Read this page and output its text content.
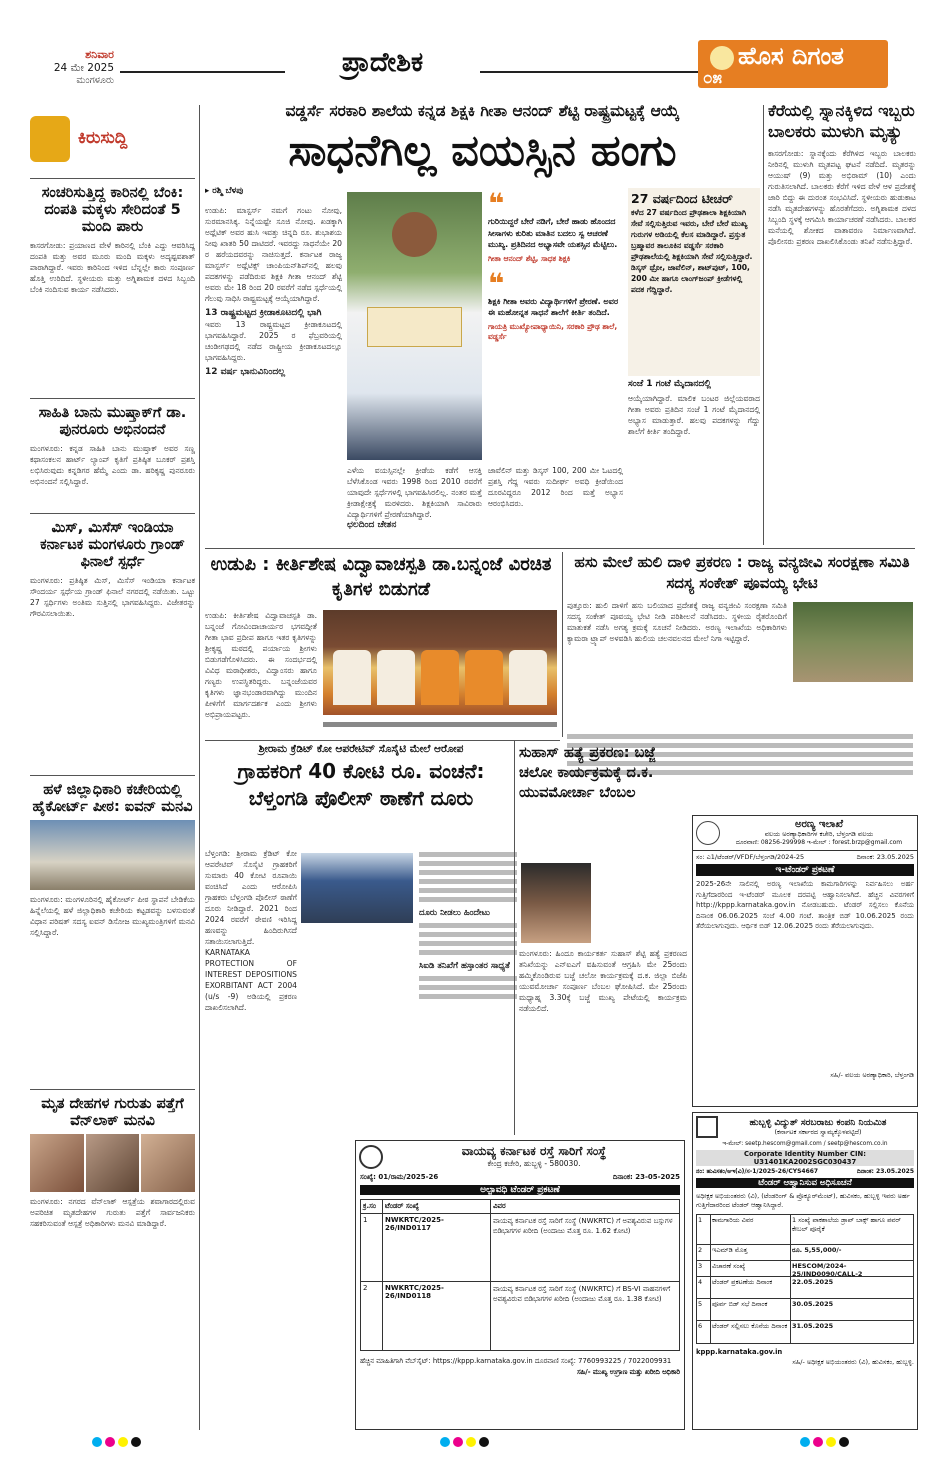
ಶನಿವಾರ
24 ಮೇ 2025
ಮಂಗಳೂರು
ಪ್ರಾದೇಶಿಕ	ಹೊಸ ದಿಗಂತ
೦೫
ಕಿರುಸುದ್ದಿ
ಸಂಚರಿಸುತ್ತಿದ್ದ ಕಾರಿನಲ್ಲಿ ಬೆಂಕಿ: ದಂಪತಿ ಮಕ್ಕಳು ಸೇರಿದಂತೆ 5 ಮಂದಿ ಪಾರು
ಕಾಸರಗೋಡು: ಪ್ರಯಾಣದ ವೇಳೆ ಕಾರಿನಲ್ಲಿ ಬೆಂಕಿ ಎದ್ದು ಆವರಿಸಿದ್ದ ದಂಪತಿ ಮತ್ತು ಅವರ ಮೂರು ಮಂದಿ ಮಕ್ಕಳು ಅದೃಷ್ಟವಶಾತ್ ಪಾರಾಗಿದ್ದಾರೆ. ಇವರು ಕಾರಿನಿಂದ ಇಳಿದ ಬೆನ್ನಲ್ಲೇ ಕಾರು ಸಂಪೂರ್ಣ ಹೊತ್ತಿ ಉರಿದಿದೆ. ಸ್ಥಳೀಯರು ಮತ್ತು ಅಗ್ನಿಶಾಮಕ ದಳದ ಸಿಬ್ಬಂದಿ ಬೆಂಕಿ ನಂದಿಸುವ ಕಾರ್ಯ ನಡೆಸಿದರು.
ಸಾಹಿತಿ ಬಾನು ಮುಷ್ತಾಕ್‌ಗೆ ಡಾ. ಪುನರೂರು ಅಭಿನಂದನೆ
ಮಂಗಳೂರು: ಕನ್ನಡ ಸಾಹಿತಿ ಬಾನು ಮುಷ್ತಾಕ್ ಅವರ ಸಣ್ಣ ಕಥಾಸಂಕಲನ ಹಾರ್ಟ್ ಲ್ಯಾಂಪ್ ಕೃತಿಗೆ ಪ್ರತಿಷ್ಠಿತ ಬೂಕರ್ ಪ್ರಶಸ್ತಿ ಲಭಿಸಿರುವುದು ಕನ್ನಡಿಗರ ಹೆಮ್ಮೆ ಎಂದು ಡಾ. ಹರಿಕೃಷ್ಣ ಪುನರೂರು ಅಭಿನಂದನೆ ಸಲ್ಲಿಸಿದ್ದಾರೆ.
ಮಿಸ್, ಮಿಸೆಸ್ ಇಂಡಿಯಾ ಕರ್ನಾಟಕ ಮಂಗಳೂರು ಗ್ರಾಂಡ್ ಫಿನಾಲೆ ಸ್ಪರ್ಧೆ
ಮಂಗಳೂರು: ಪ್ರತಿಷ್ಠಿತ ಮಿಸ್, ಮಿಸೆಸ್ ಇಂಡಿಯಾ ಕರ್ನಾಟಕ ಸೌಂದರ್ಯ ಸ್ಪರ್ಧೆಯ ಗ್ರಾಂಡ್ ಫಿನಾಲೆ ನಗರದಲ್ಲಿ ನಡೆಯಿತು. ಒಟ್ಟು 27 ಸ್ಪರ್ಧಿಗಳು ಅಂತಿಮ ಸುತ್ತಿನಲ್ಲಿ ಭಾಗವಹಿಸಿದ್ದರು. ವಿಜೇತರನ್ನು ಗೌರವಿಸಲಾಯಿತು.
ಹಳೆ ಜಿಲ್ಲಾಧಿಕಾರಿ ಕಚೇರಿಯಲ್ಲಿ ಹೈಕೋರ್ಟ್ ಪೀಠ: ಐವನ್ ಮನವಿ
ಮಂಗಳೂರು: ಮಂಗಳೂರಿನಲ್ಲಿ ಹೈಕೋರ್ಟ್ ಪೀಠ ಸ್ಥಾಪನೆ ಬೇಡಿಕೆಯ ಹಿನ್ನೆಲೆಯಲ್ಲಿ ಹಳೆ ಜಿಲ್ಲಾಧಿಕಾರಿ ಕಚೇರಿಯ ಕಟ್ಟಡವನ್ನು ಬಳಸುವಂತೆ ವಿಧಾನ ಪರಿಷತ್ ಸದಸ್ಯ ಐವನ್ ಡಿಸೋಜ ಮುಖ್ಯಮಂತ್ರಿಗಳಿಗೆ ಮನವಿ ಸಲ್ಲಿಸಿದ್ದಾರೆ.
ಮೃತ ದೇಹಗಳ ಗುರುತು ಪತ್ತೆಗೆ ವೆನ್‌ಲಾಕ್ ಮನವಿ
ಮಂಗಳೂರು: ನಗರದ ವೆನ್‌ಲಾಕ್ ಆಸ್ಪತ್ರೆಯ ಶವಾಗಾರದಲ್ಲಿರುವ ಅಪರಿಚಿತ ಮೃತದೇಹಗಳ ಗುರುತು ಪತ್ತೆಗೆ ಸಾರ್ವಜನಿಕರು ಸಹಕರಿಸುವಂತೆ ಆಸ್ಪತ್ರೆ ಅಧಿಕಾರಿಗಳು ಮನವಿ ಮಾಡಿದ್ದಾರೆ.
ವಡ್ಡರ್ಸೆ ಸರಕಾರಿ ಶಾಲೆಯ ಕನ್ನಡ ಶಿಕ್ಷಕಿ ಗೀತಾ ಆನಂದ್ ಶೆಟ್ಟಿ ರಾಷ್ಟ್ರಮಟ್ಟಕ್ಕೆ ಆಯ್ಕೆ
ಸಾಧನೆಗಿಲ್ಲ ವಯಸ್ಸಿನ ಹಂಗು
▸ ರಶ್ಮಿ ಬೆಳಪು
ಉಡುಪಿ: ಮಾಸ್ಟರ್ಸ್ ನಮಗೆ ಗಂಟು ನೋವು, ಸುರಮಾನಸಿಕ್ಕ. ನಿನ್ನೆಯಷ್ಟೇ ಸೂಜಿ ನೋವು. ಖಡಕ್ಕಾಗಿ ಅಥ್ಲೆಟಿಕ್ ಅವರ ಹುಸಿ ಇವತ್ತು ಚಿನ್ನದಿ ರೂ. ಶುಭಾಶಯ ನೀವು ಖಾತರಿ 50 ದಾಟಿದರೆ. ಇವರದ್ದು ಸಾಧನೆಯೇ 20 ರ ಹರೆಯದವರನ್ನು ನಾಚಿಸುತ್ತದೆ. ಕರ್ನಾಟಕ ರಾಜ್ಯ ಮಾಸ್ಟರ್ಸ್ ಅಥ್ಲೆಟಿಕ್ಸ್ ಚಾಂಪಿಯನ್‌ಶಿಪ್‌ನಲ್ಲಿ ಹಲವು ಪದಕಗಳನ್ನು ಪಡೆದಿರುವ ಶಿಕ್ಷಕಿ ಗೀತಾ ಆನಂದ್ ಶೆಟ್ಟಿ ಅವರು ಮೇ 18 ರಿಂದ 20 ರವರೆಗೆ ನಡೆದ ಸ್ಪರ್ಧೆಯಲ್ಲಿ ಗೆಲುವು ಸಾಧಿಸಿ ರಾಷ್ಟ್ರಮಟ್ಟಕ್ಕೆ ಆಯ್ಕೆಯಾಗಿದ್ದಾರೆ.
13 ರಾಷ್ಟ್ರಮಟ್ಟದ ಕ್ರೀಡಾಕೂಟದಲ್ಲಿ ಭಾಗಿ
ಇವರು 13 ರಾಷ್ಟ್ರಮಟ್ಟದ ಕ್ರೀಡಾಕೂಟದಲ್ಲಿ ಭಾಗವಹಿಸಿದ್ದಾರೆ. 2025 ರ ಫೆಬ್ರವರಿಯಲ್ಲಿ ಚಂಡೀಗಢದಲ್ಲಿ ನಡೆದ ರಾಷ್ಟ್ರೀಯ ಕ್ರೀಡಾಕೂಟದಲ್ಲೂ ಭಾಗವಹಿಸಿದ್ದರು.
12 ವರ್ಷ ಭಾನುವಿನಿಂದಲ್ಲ
ಎಳೆಯ ವಯಸ್ಸಿನಲ್ಲೇ ಕ್ರೀಡೆಯ ಕಡೆಗೆ ಆಸಕ್ತಿ ಬೆಳೆಸಿಕೊಂಡ ಇವರು 1998 ರಿಂದ 2010 ರವರೆಗೆ ಯಾವುದೇ ಸ್ಪರ್ಧೆಗಳಲ್ಲಿ ಭಾಗವಹಿಸಿರಲಿಲ್ಲ. ನಂತರ ಮತ್ತೆ ಕ್ರೀಡಾಕ್ಷೇತ್ರಕ್ಕೆ ಮರಳಿದರು. ಶಿಕ್ಷಕಿಯಾಗಿ ಸಾವಿರಾರು ವಿದ್ಯಾರ್ಥಿಗಳಿಗೆ ಪ್ರೇರಣೆಯಾಗಿದ್ದಾರೆ.
ಛಲದಿಂದ ಚೇತನ
❝
ಗುರಿಯಿದ್ದರೆ ಬೇರೆ ನಡಿಗೆ, ಬೇರೆ ಹಾಡು ಹೊಂದದ ಸೀಸಾಗಳು ಕುರಿತು ಮಾತಿನ ಬದಲು ಸ್ವ ಆಚರಣೆ ಮುಖ್ಯ. ಪ್ರತಿದಿನದ ಅಭ್ಯಾಸವೇ ಯಶಸ್ಸಿನ ಮೆಟ್ಟಿಲು.
ಗೀತಾ ಆನಂದ್ ಶೆಟ್ಟಿ, ಸಾಧಕ ಶಿಕ್ಷಕಿ
❝
ಶಿಕ್ಷಕಿ ಗೀತಾ ಅವರು ವಿದ್ಯಾರ್ಥಿಗಳಿಗೆ ಪ್ರೇರಣೆ. ಅವರ ಈ ಮಹೋನ್ನತ ಸಾಧನೆ ಶಾಲೆಗೆ ಕೀರ್ತಿ ತಂದಿದೆ.
ಗಾಯತ್ರಿ ಮುಖ್ಯೋಪಾಧ್ಯಾಯಿನಿ, ಸರಕಾರಿ ಪ್ರೌಢ ಶಾಲೆ, ವಡ್ಡರ್ಸೆ
ಜಾವೆಲಿನ್ ಮತ್ತು ಡಿಸ್ಕಸ್ 100, 200 ಮೀ ಓಟದಲ್ಲಿ ಪ್ರಶಸ್ತಿ ಗೆದ್ದ ಇವರು ಸುದೀರ್ಘ ಅವಧಿ ಕ್ರೀಡೆಯಿಂದ ದೂರವಿದ್ದರೂ 2012 ರಿಂದ ಮತ್ತೆ ಅಭ್ಯಾಸ ಆರಂಭಿಸಿದರು.
27 ವರ್ಷದಿಂದ ಟೀಚರ್
ಕಳೆದ 27 ವರ್ಷದಿಂದ ಪ್ರೌಢಶಾಲಾ ಶಿಕ್ಷಕಿಯಾಗಿ ಸೇವೆ ಸಲ್ಲಿಸುತ್ತಿರುವ ಇವರು, ಬೇರೆ ಬೇರೆ ಮುಖ್ಯ ಗುರುಗಳ ಅಡಿಯಲ್ಲಿ ಕೆಲಸ ಮಾಡಿದ್ದಾರೆ. ಪ್ರಸ್ತುತ ಬ್ರಹ್ಮಾವರ ತಾಲೂಕಿನ ವಡ್ಡರ್ಸೆ ಸರಕಾರಿ ಪ್ರೌಢಶಾಲೆಯಲ್ಲಿ ಶಿಕ್ಷಕಿಯಾಗಿ ಸೇವೆ ಸಲ್ಲಿಸುತ್ತಿದ್ದಾರೆ. ಡಿಸ್ಕಸ್ ಥ್ರೋ, ಜಾವೆಲಿನ್, ಶಾಟ್‌ಪುಟ್, 100, 200 ಮೀ ಹಾಗೂ ಲಾಂಗ್‌ಜಂಪ್ ಕ್ರೀಡೆಗಳಲ್ಲಿ ಪದಕ ಗೆದ್ದಿದ್ದಾರೆ.
ಸಂಜೆ 1 ಗಂಟೆ ಮೈದಾನದಲ್ಲಿ
ಆಯ್ಕೆಯಾಗಿದ್ದಾರೆ. ಮಾಲಿಕ ಬಂಟರ ಜಿಲ್ಲೆಯವರಾದ ಗೀತಾ ಅವರು ಪ್ರತಿದಿನ ಸಂಜೆ 1 ಗಂಟೆ ಮೈದಾನದಲ್ಲಿ ಅಭ್ಯಾಸ ಮಾಡುತ್ತಾರೆ. ಹಲವು ಪದಕಗಳನ್ನು ಗೆದ್ದು ಶಾಲೆಗೆ ಕೀರ್ತಿ ತಂದಿದ್ದಾರೆ.
ಕೆರೆಯಲ್ಲಿ ಸ್ನಾನಕ್ಕಿಳಿದ ಇಬ್ಬರು ಬಾಲಕರು ಮುಳುಗಿ ಮೃತ್ಯು
ಕಾಸರಗೋಡು: ಸ್ನಾನಕ್ಕೆಂದು ಕೆರೆಗಿಳಿದ ಇಬ್ಬರು ಬಾಲಕರು ನೀರಿನಲ್ಲಿ ಮುಳುಗಿ ಮೃತಪಟ್ಟ ಘಟನೆ ನಡೆದಿದೆ. ಮೃತರನ್ನು ಆಯುಷ್ (9) ಮತ್ತು ಅಭಿರಾಮ್ (10) ಎಂದು ಗುರುತಿಸಲಾಗಿದೆ. ಬಾಲಕರು ಕೆರೆಗೆ ಇಳಿದ ವೇಳೆ ಆಳ ಪ್ರದೇಶಕ್ಕೆ ಜಾರಿ ಬಿದ್ದು ಈ ದುರಂತ ಸಂಭವಿಸಿದೆ. ಸ್ಥಳೀಯರು ಹುಡುಕಾಟ ನಡೆಸಿ ಮೃತದೇಹಗಳನ್ನು ಹೊರತೆಗೆದರು. ಅಗ್ನಿಶಾಮಕ ದಳದ ಸಿಬ್ಬಂದಿ ಸ್ಥಳಕ್ಕೆ ಆಗಮಿಸಿ ಕಾರ್ಯಾಚರಣೆ ನಡೆಸಿದರು. ಬಾಲಕರ ಮನೆಯಲ್ಲಿ ಶೋಕದ ವಾತಾವರಣ ನಿರ್ಮಾಣವಾಗಿದೆ. ಪೊಲೀಸರು ಪ್ರಕರಣ ದಾಖಲಿಸಿಕೊಂಡು ತನಿಖೆ ನಡೆಸುತ್ತಿದ್ದಾರೆ.
ಉಡುಪಿ : ಕೀರ್ತಿಶೇಷ ವಿದ್ವಾವಾಚಸ್ಪತಿ ಡಾ.ಬನ್ನಂಜೆ ವಿರಚಿತ ಕೃತಿಗಳ ಬಿಡುಗಡೆ
ಉಡುಪಿ: ಕೀರ್ತಿಶೇಷ ವಿದ್ವಾವಾಚಸ್ಪತಿ ಡಾ. ಬನ್ನಂಜೆ ಗೋವಿಂದಾಚಾರ್ಯರ ಭಗವದ್ಗೀತೆ ಗೀತಾ ಭಾವ ಪ್ರದೀಪ ಹಾಗೂ ಇತರ ಕೃತಿಗಳನ್ನು ಶ್ರೀಕೃಷ್ಣ ಮಠದಲ್ಲಿ ಪರ್ಯಾಯ ಶ್ರೀಗಳು ಬಿಡುಗಡೆಗೊಳಿಸಿದರು. ಈ ಸಂದರ್ಭದಲ್ಲಿ ವಿವಿಧ ಮಠಾಧೀಶರು, ವಿದ್ವಾಂಸರು ಹಾಗೂ ಗಣ್ಯರು ಉಪಸ್ಥಿತರಿದ್ದರು. ಬನ್ನಂಜೆಯವರ ಕೃತಿಗಳು ಜ್ಞಾನಭಂಡಾರವಾಗಿದ್ದು ಮುಂದಿನ ಪೀಳಿಗೆಗೆ ಮಾರ್ಗದರ್ಶಕ ಎಂದು ಶ್ರೀಗಳು ಅಭಿಪ್ರಾಯಪಟ್ಟರು.
ಹಸು ಮೇಲೆ ಹುಲಿ ದಾಳಿ ಪ್ರಕರಣ : ರಾಜ್ಯ ವನ್ಯಜೀವಿ ಸಂರಕ್ಷಣಾ ಸಮಿತಿ ಸದಸ್ಯ ಸಂಕೇತ್ ಪೂವಯ್ಯ ಭೇಟಿ
ಪುತ್ತೂರು: ಹುಲಿ ದಾಳಿಗೆ ಹಸು ಬಲಿಯಾದ ಪ್ರದೇಶಕ್ಕೆ ರಾಜ್ಯ ವನ್ಯಜೀವಿ ಸಂರಕ್ಷಣಾ ಸಮಿತಿ ಸದಸ್ಯ ಸಂಕೇತ್ ಪೂವಯ್ಯ ಭೇಟಿ ನೀಡಿ ಪರಿಶೀಲನೆ ನಡೆಸಿದರು. ಸ್ಥಳೀಯ ರೈತರೊಂದಿಗೆ ಮಾತುಕತೆ ನಡೆಸಿ ಅಗತ್ಯ ಕ್ರಮಕ್ಕೆ ಸೂಚನೆ ನೀಡಿದರು. ಅರಣ್ಯ ಇಲಾಖೆಯ ಅಧಿಕಾರಿಗಳು ಕ್ಯಾಮರಾ ಟ್ರ್ಯಾಪ್ ಅಳವಡಿಸಿ ಹುಲಿಯ ಚಲನವಲನದ ಮೇಲೆ ನಿಗಾ ಇಟ್ಟಿದ್ದಾರೆ.
ಅರಣ್ಯ ಇಲಾಖೆ
ವಲಯ ಅರಣ್ಯಾಧಿಕಾರಿಗಳ ಕಚೇರಿ, ಬೆಳ್ತಂಗಡಿ ವಲಯ
ದೂರವಾಣಿ: 08256-299998 ಇ-ಮೇಲ್ : forest.brzp@gmail.com
ಸಂ: ಎ1/ಟೆಂಡರ್/VFDF/ಬೆಳ್ತಂಗಡಿ/2024-25	ದಿನಾಂಕ: 23.05.2025
ಇ-ಟೆಂಡರ್ ಪ್ರಕಟಣೆ
2025-26ನೇ ಸಾಲಿನಲ್ಲಿ ಅರಣ್ಯ ಇಲಾಖೆಯ ಕಾಮಗಾರಿಗಳನ್ನು ನಿರ್ವಹಿಸಲು ಅರ್ಹ ಗುತ್ತಿಗೆದಾರರಿಂದ ಇ-ಟೆಂಡರ್ ಮೂಲಕ ದರಪಟ್ಟಿ ಆಹ್ವಾನಿಸಲಾಗಿದೆ. ಹೆಚ್ಚಿನ ವಿವರಗಳಿಗೆ http://kppp.karnataka.gov.in ನೋಡಬಹುದು. ಟೆಂಡರ್ ಸಲ್ಲಿಸಲು ಕೊನೆಯ ದಿನಾಂಕ 06.06.2025 ಸಂಜೆ 4.00 ಗಂಟೆ. ತಾಂತ್ರಿಕ ಬಿಡ್ 10.06.2025 ರಂದು ತೆರೆಯಲಾಗುವುದು. ಆರ್ಥಿಕ ಬಿಡ್ 12.06.2025 ರಂದು ತೆರೆಯಲಾಗುವುದು.
ಸಹಿ/- ವಲಯ ಅರಣ್ಯಾಧಿಕಾರಿ, ಬೆಳ್ತಂಗಡಿ
ಶ್ರೀರಾಮ ಕ್ರೆಡಿಟ್ ಕೋ ಆಪರೇಟಿವ್ ಸೊಸೈಟಿ ಮೇಲೆ ಆರೋಪ
ಗ್ರಾಹಕರಿಗೆ 40 ಕೋಟಿ ರೂ. ವಂಚನೆ: ಬೆಳ್ತಂಗಡಿ ಪೊಲೀಸ್ ಠಾಣೆಗೆ ದೂರು
ಬೆಳ್ತಂಗಡಿ: ಶ್ರೀರಾಮ ಕ್ರೆಡಿಟ್ ಕೋ ಆಪರೇಟಿವ್ ಸೊಸೈಟಿ ಗ್ರಾಹಕರಿಗೆ ಸುಮಾರು 40 ಕೋಟಿ ರೂಪಾಯಿ ವಂಚಿಸಿದೆ ಎಂದು ಆರೋಪಿಸಿ ಗ್ರಾಹಕರು ಬೆಳ್ತಂಗಡಿ ಪೊಲೀಸ್ ಠಾಣೆಗೆ ದೂರು ನೀಡಿದ್ದಾರೆ. 2021 ರಿಂದ 2024 ರವರೆಗೆ ಠೇವಣಿ ಇರಿಸಿದ್ದ ಹಣವನ್ನು ಹಿಂದಿರುಗಿಸದೆ ಸತಾಯಿಸಲಾಗುತ್ತಿದೆ. KARNATAKA PROTECTION OF INTEREST DEPOSITIONS EXORBITANT ACT 2004 (u/s -9) ಅಡಿಯಲ್ಲಿ ಪ್ರಕರಣ ದಾಖಲಿಸಲಾಗಿದೆ.
ದೂರು ನೀಡಲು ಹಿಂದೇಟು
ಸಿಐಡಿ ತನಿಖೆಗೆ ಹಸ್ತಾಂತರ ಸಾಧ್ಯತೆ
ಸುಹಾಸ್ ಹತ್ಯೆ ಪ್ರಕರಣ: ಬಜ್ಜೆ ಚಲೋ ಕಾರ್ಯಕ್ರಮಕ್ಕೆ ದ.ಕ. ಯುವಮೋರ್ಚಾ ಬೆಂಬಲ
ಮಂಗಳೂರು: ಹಿಂದೂ ಕಾರ್ಯಕರ್ತ ಸುಹಾಸ್ ಶೆಟ್ಟಿ ಹತ್ಯೆ ಪ್ರಕರಣದ ತನಿಖೆಯನ್ನು ಎನ್‌ಐಎಗೆ ವಹಿಸುವಂತೆ ಆಗ್ರಹಿಸಿ ಮೇ 25ರಂದು ಹಮ್ಮಿಕೊಂಡಿರುವ ಬಜ್ಜೆ ಚಲೋ ಕಾರ್ಯಕ್ರಮಕ್ಕೆ ದ.ಕ. ಜಿಲ್ಲಾ ಬಿಜೆಪಿ ಯುವಮೋರ್ಚಾ ಸಂಪೂರ್ಣ ಬೆಂಬಲ ಘೋಷಿಸಿದೆ. ಮೇ 25ರಂದು ಮಧ್ಯಾಹ್ನ 3.30ಕ್ಕೆ ಬಜ್ಜೆ ಮುಖ್ಯ ಪೇಟೆಯಲ್ಲಿ ಕಾರ್ಯಕ್ರಮ ನಡೆಯಲಿದೆ.
ವಾಯವ್ಯ ಕರ್ನಾಟಕ ರಸ್ತೆ ಸಾರಿಗೆ ಸಂಸ್ಥೆ
ಕೇಂದ್ರ ಕಚೇರಿ, ಹುಬ್ಬಳ್ಳಿ - 580030.
ಸಂಖ್ಯೆ: 01/ರಾಮ/2025-26	ದಿನಾಂಕ: 23-05-2025
ಅಲ್ಪಾವಧಿ ಟೆಂಡರ್ ಪ್ರಕಟಣೆ
ಕ್ರ.ಸಂ	ಟೆಂಡರ್ ಸಂಖ್ಯೆ	ವಿವರ
1	NWKRTC/2025-26/IND0117
ವಾಯವ್ಯ ಕರ್ನಾಟಕ ರಸ್ತೆ ಸಾರಿಗೆ ಸಂಸ್ಥೆ (NWKRTC) ಗೆ ಅವಶ್ಯವಿರುವ ಬಸ್ಸುಗಳ ಬಿಡಿಭಾಗಗಳ ಖರೀದಿ (ಅಂದಾಜು ಮೊತ್ತ ರೂ. 1.62 ಕೋಟಿ)
2	NWKRTC/2025-26/IND0118
ವಾಯವ್ಯ ಕರ್ನಾಟಕ ರಸ್ತೆ ಸಾರಿಗೆ ಸಂಸ್ಥೆ (NWKRTC) ಗೆ BS-VI ವಾಹನಗಳಿಗೆ ಅವಶ್ಯವಿರುವ ಬಿಡಿಭಾಗಗಳ ಖರೀದಿ (ಅಂದಾಜು ಮೊತ್ತ ರೂ. 1.38 ಕೋಟಿ)
ಹೆಚ್ಚಿನ ಮಾಹಿತಿಗಾಗಿ ವೆಬ್‌ಸೈಟ್: https://kppp.karnataka.gov.in ದೂರವಾಣಿ ಸಂಖ್ಯೆ: 7760993225 / 7022009931
ಸಹಿ/- ಮುಖ್ಯ ಉಗ್ರಾಣ ಮತ್ತು ಖರೀದಿ ಅಧಿಕಾರಿ
ಹುಬ್ಬಳ್ಳಿ ವಿದ್ಯುತ್ ಸರಬರಾಜು ಕಂಪನಿ ನಿಯಮಿತ
(ಕರ್ನಾಟಕ ಸರ್ಕಾರದ ಸ್ವಾಮ್ಯಕ್ಕೊಳಪಟ್ಟಿದೆ)
ಇ-ಮೇಲ್: seetp.hescom@gmail.com / seetp@hescom.co.in
Corporate Identity Number CIN: U31401KA2002SGC030437
ನಂ: ಹುವಿಸಕಂ/ಅಇ(ವಿ)/ಸ-1/2025-26/CYS4667	ದಿನಾಂಕ: 23.05.2025
ಟೆಂಡರ್ ಆಹ್ವಾನಿಸುವ ಅಧಿಸೂಚನೆ
ಅಧೀಕ್ಷಕ ಅಭಿಯಂತರರು (ವಿ), (ಟೆಂಡರಿಂಗ್ & ಪ್ರೊಕ್ಯೂರ್‌ಮೆಂಟ್), ಹುವಿಸಕಂ, ಹುಬ್ಬಳ್ಳಿ ಇವರು ಅರ್ಹ ಗುತ್ತಿಗೆದಾರರಿಂದ ಟೆಂಡರ್ ಆಹ್ವಾನಿಸಿದ್ದಾರೆ.
1	ಕಾಮಗಾರಿಯ ವಿವರ	1 ಸಂಖ್ಯೆ ಪಾಕಶಾಲೆಯ ಡ್ರಾಪ್ ಬಾಕ್ಸ್ ಹಾಗೂ ಪವರ್ ಕೇಬಲ್ ಪೂರೈಕೆ
2	ಇಎಮ್‌ಡಿ ಮೊತ್ತ	ರೂ. 5,55,000/-
3	ವಿಚಾರಣೆ ಸಂಖ್ಯೆ	HESCOM/2024-25/IND0090/CALL-2
4	ಟೆಂಡರ್ ಪ್ರಕಟಣೆಯ ದಿನಾಂಕ	22.05.2025
5	ಪೂರ್ವ ಬಿಡ್ ಸಭೆ ದಿನಾಂಕ	30.05.2025
6	ಟೆಂಡರ್ ಸಲ್ಲಿಸಲು ಕೊನೆಯ ದಿನಾಂಕ 31.05.2025
kppp.karnataka.gov.in
ಸಹಿ/- ಅಧೀಕ್ಷಕ ಅಭಿಯಂತರರು (ವಿ), ಹುವಿಸಕಂ, ಹುಬ್ಬಳ್ಳಿ.
